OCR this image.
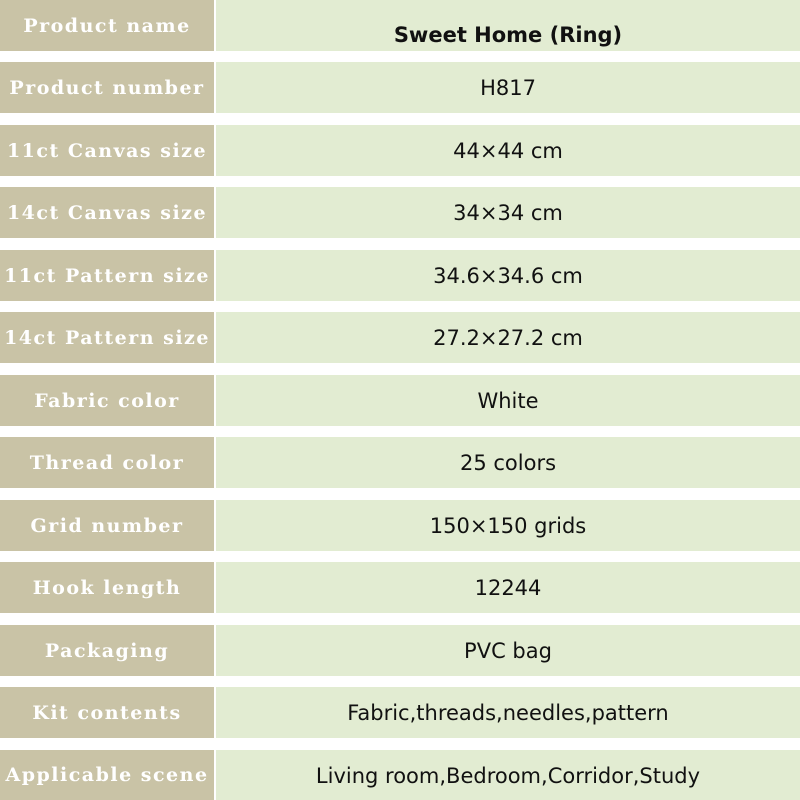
Product name	Sweet Home (Ring)
Product number	H817
11ct Canvas size	44×44 cm
14ct Canvas size	34×34 cm
11ct Pattern size	34.6×34.6 cm
14ct Pattern size	27.2×27.2 cm
Fabric color	White
Thread color	25 colors
Grid number	150×150 grids
Hook length	12244
Packaging	PVC bag
Kit contents	Fabric,threads,needles,pattern
Applicable scene	Living room,Bedroom,Corridor,Study
